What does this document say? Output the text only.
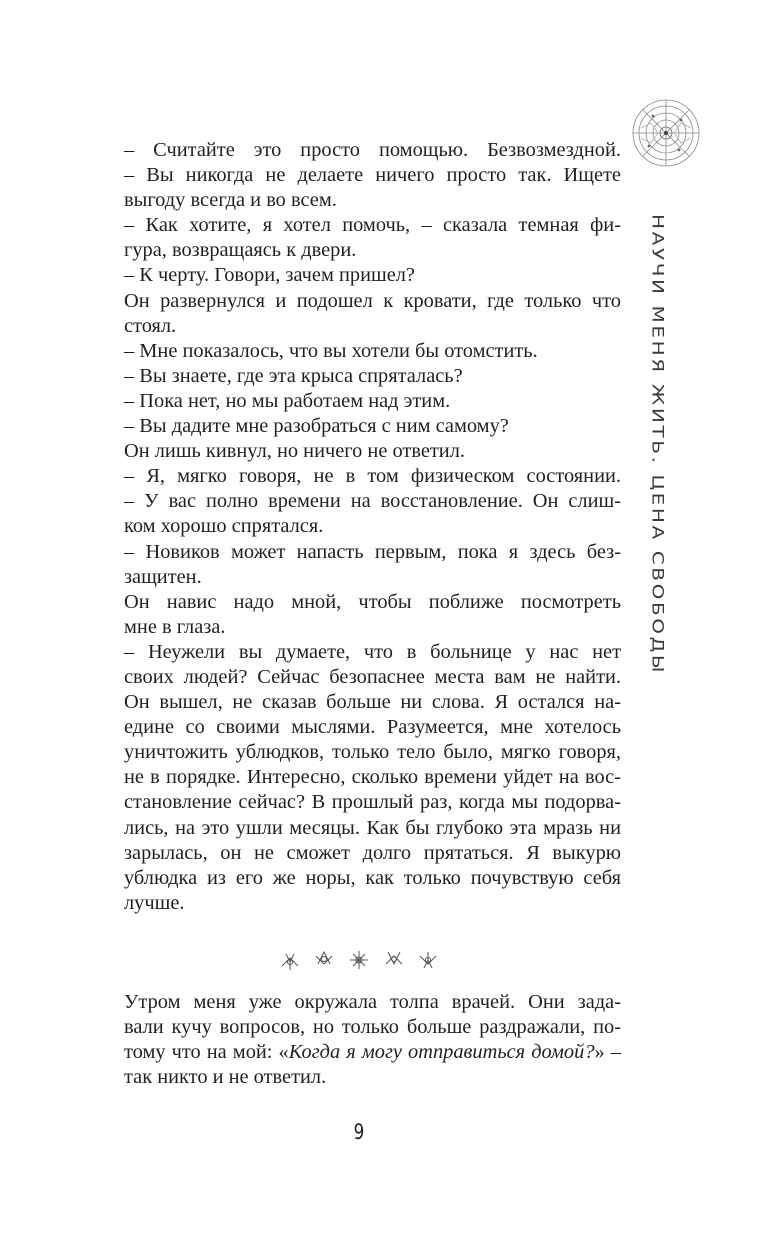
НАУЧИ МЕНЯ ЖИТЬ. ЦЕНА СВОБОДЫ

– Считайте это просто помощью. Безвозмездной.

– Вы никогда не делаете ничего просто так. Ищете

выгоду всегда и во всем.

– Как хотите, я хотел помочь, – сказала темная фи-

гура, возвращаясь к двери.

– К черту. Говори, зачем пришел?

Он развернулся и подошел к кровати, где только что

стоял.

– Мне показалось, что вы хотели бы отомстить.

– Вы знаете, где эта крыса спряталась?

– Пока нет, но мы работаем над этим.

– Вы дадите мне разобраться с ним самому?

Он лишь кивнул, но ничего не ответил.

– Я, мягко говоря, не в том физическом состоянии.

– У вас полно времени на восстановление. Он слиш-

ком хорошо спрятался.

– Новиков может напасть первым, пока я здесь без-

защитен.

Он навис надо мной, чтобы поближе посмотреть

мне в глаза.

– Неужели вы думаете, что в больнице у нас нет

своих людей? Сейчас безопаснее места вам не найти.

Он вышел, не сказав больше ни слова. Я остался на-

едине со своими мыслями. Разумеется, мне хотелось

уничтожить ублюдков, только тело было, мягко говоря,

не в порядке. Интересно, сколько времени уйдет на вос-

становление сейчас? В прошлый раз, когда мы подорва-

лись, на это ушли месяцы. Как бы глубоко эта мразь ни

зарылась, он не сможет долго прятаться. Я выкурю

ублюдка из его же норы, как только почувствую себя

лучше.

Утром меня уже окружала толпа врачей. Они зада-

вали кучу вопросов, но только больше раздражали, по-

тому что на мой: «Когда я могу отправиться домой?» –

так никто и не ответил.

9
